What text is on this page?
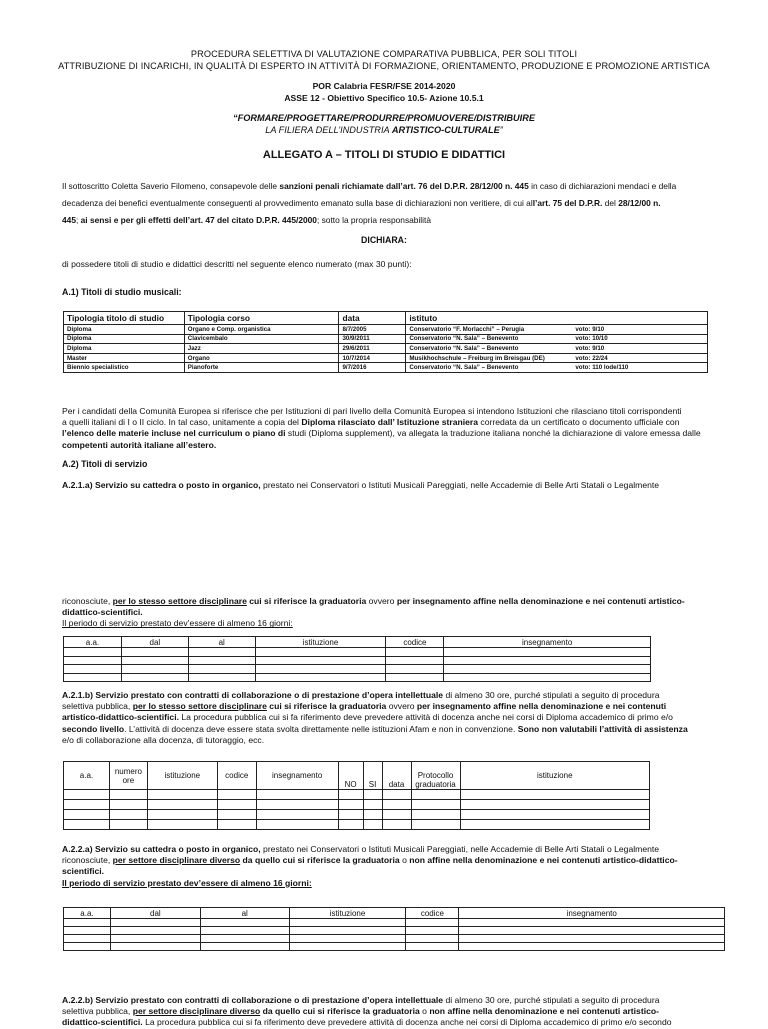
PROCEDURA SELETTIVA DI VALUTAZIONE COMPARATIVA PUBBLICA, PER SOLI TITOLI
ATTRIBUZIONE DI INCARICHI, IN QUALITÀ DI ESPERTO IN ATTIVITÀ DI FORMAZIONE, ORIENTAMENTO, PRODUZIONE E PROMOZIONE ARTISTICA
POR Calabria FESR/FSE 2014-2020
ASSE 12 - Obiettivo Specifico 10.5- Azione 10.5.1
“FORMARE/PROGETTARE/PRODURRE/PROMUOVERE/DISTRIBUIRE
LA FILIERA DELL’INDUSTRIA ARTISTICO-CULTURALE”
ALLEGATO A – TITOLI DI STUDIO E DIDATTICI
Il sottoscritto Coletta Saverio Filomeno, consapevole delle sanzioni penali richiamate dall’art. 76 del D.P.R. 28/12/00 n. 445 in caso di dichiarazioni mendaci e della
decadenza dei benefici eventualmente conseguenti al provvedimento emanato sulla base di dichiarazioni non veritiere, di cui all’art. 75 del D.P.R. del 28/12/00 n.
445; ai sensi e per gli effetti dell’art. 47 del citato D.P.R. 445/2000; sotto la propria responsabilità
DICHIARA:
di possedere titoli di studio e didattici descritti nel seguente elenco numerato (max 30 punti):
A.1) Titoli di studio musicali:
Tipologia titolo di studio	Tipologia corso	data	istituto
Diploma	Organo e Comp. organistica	8/7/2005	Conservatorio “F. Morlacchi” – Perugia voto: 9/10
Diploma	Clavicembalo	30/9/2011	Conservatorio “N. Sala” – Benevento voto: 10/10
Diploma	Jazz	29/6/2011	Conservatorio “N. Sala” – Benevento voto: 9/10
Master	Organo	10/7/2014	Musikhochschule – Freiburg im Breisgau (DE) voto: 22/24
Biennio specialistico	Pianoforte	9/7/2016	Conservatorio “N. Sala” – Benevento voto: 110 lode/110
Per i candidati della Comunità Europea si riferisce che per Istituzioni di pari livello della Comunità Europea si intendono Istituzioni che rilasciano titoli corrispondenti
a quelli italiani di I o II ciclo. In tal caso, unitamente a copia del Diploma rilasciato dall’ Istituzione straniera corredata da un certificato o documento ufficiale con
l’elenco delle materie incluse nel curriculum o piano di studi (Diploma supplement), va allegata la traduzione italiana nonché la dichiarazione di valore emessa dalle
competenti autorità italiane all’estero.
A.2) Titoli di servizio
A.2.1.a) Servizio su cattedra o posto in organico, prestato nei Conservatori o Istituti Musicali Pareggiati, nelle Accademie di Belle Arti Statali o Legalmente
riconosciute, per lo stesso settore disciplinare cui si riferisce la graduatoria ovvero per insegnamento affine nella denominazione e nei contenuti artistico-
didattico-scientifici.
Il periodo di servizio prestato dev’essere di almeno 16 giorni:
a.a.	dal	al	istituzione	codice	insegnamento

A.2.1.b) Servizio prestato con contratti di collaborazione o di prestazione d’opera intellettuale di almeno 30 ore, purché stipulati a seguito di procedura
selettiva pubblica, per lo stesso settore disciplinare cui si riferisce la graduatoria ovvero per insegnamento affine nella denominazione e nei contenuti
artistico-didattico-scientifici. La procedura pubblica cui si fa riferimento deve prevedere attività di docenza anche nei corsi di Diploma accademico di primo e/o
secondo livello. L’attività di docenza deve essere stata svolta direttamente nelle istituzioni Afam e non in convenzione. Sono non valutabili l’attività di assistenza
e/o di collaborazione alla docenza, di tutoraggio, ecc.
a.a.	numero ore	istituzione	codice	insegnamento	NO	SI	data	Protocollo graduatoria	istituzione

A.2.2.a) Servizio su cattedra o posto in organico, prestato nei Conservatori o Istituti Musicali Pareggiati, nelle Accademie di Belle Arti Statali o Legalmente
riconosciute, per settore disciplinare diverso da quello cui si riferisce la graduatoria o non affine nella denominazione e nei contenuti artistico-didattico-
scientifici.
Il periodo di servizio prestato dev’essere di almeno 16 giorni:
a.a.	dal	al	istituzione	codice	insegnamento

A.2.2.b) Servizio prestato con contratti di collaborazione o di prestazione d’opera intellettuale di almeno 30 ore, purché stipulati a seguito di procedura
selettiva pubblica, per settore disciplinare diverso da quello cui si riferisce la graduatoria o non affine nella denominazione e nei contenuti artistico-
didattico-scientifici. La procedura pubblica cui si fa riferimento deve prevedere attività di docenza anche nei corsi di Diploma accademico di primo e/o secondo
